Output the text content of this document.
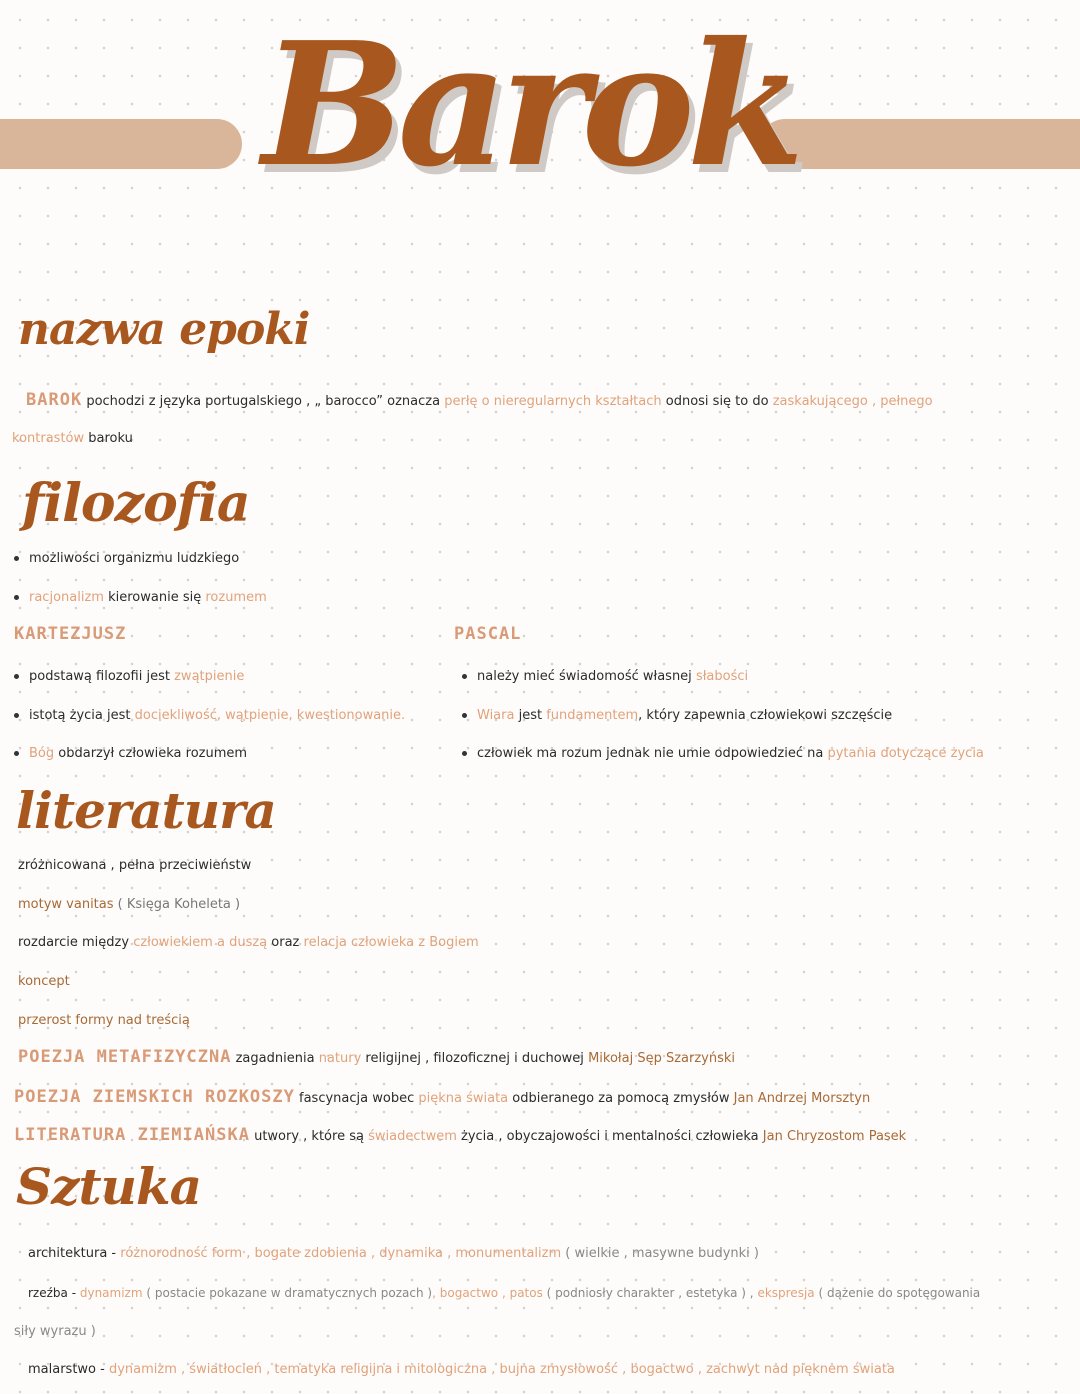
Barok
nazwa epoki
BAROK pochodzi z języka portugalskiego , „ barocco” oznacza perłę o nieregularnych kształtach odnosi się to do zaskakującego , pełnego
kontrastów baroku
filozofia
możliwości organizmu ludzkiego
racjonalizm kierowanie się rozumem
KARTEZJUSZ
podstawą filozofii jest zwątpienie
istotą życia jest dociekliwość, wątpienie, kwestionowanie.
Bóg obdarzył człowieka rozumem
PASCAL
należy mieć świadomość własnej słabości
Wiara jest fundamentem, który zapewnia człowiekowi szczęście
człowiek ma rozum jednak nie umie odpowiedzieć na pytania dotyczące życia
literatura
zróżnicowana , pełna przeciwieństw
motyw vanitas ( Księga Koheleta )
rozdarcie między człowiekiem a duszą oraz relacja człowieka z Bogiem
koncept
przerost formy nad treścią
POEZJA METAFIZYCZNA zagadnienia natury religijnej , filozoficznej i duchowej Mikołaj Sęp Szarzyński
POEZJA ZIEMSKICH ROZKOSZY fascynacja wobec piękna świata odbieranego za pomocą zmysłów Jan Andrzej Morsztyn
LITERATURA ZIEMIAŃSKA utwory , które są świadectwem życia , obyczajowości i mentalności człowieka Jan Chryzostom Pasek
Sztuka
architektura - różnorodność form , bogate zdobienia , dynamika , monumentalizm ( wielkie , masywne budynki )
rzeźba - dynamizm ( postacie pokazane w dramatycznych pozach ), bogactwo , patos ( podniosły charakter , estetyka ) , ekspresja ( dążenie do spotęgowania
siły wyrazu )
malarstwo - dynamizm , światłocień , tematyka religijna i mitologiczna , bujna zmysłowość , bogactwo , zachwyt nad pięknem świata
